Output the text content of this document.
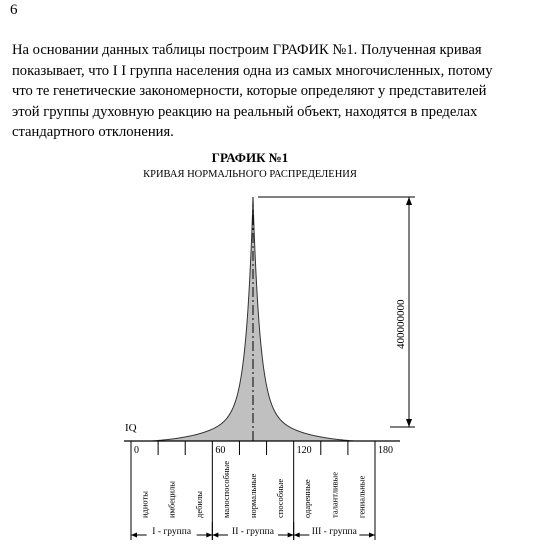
6
На основании данных таблицы построим ГРАФИК №1. Полученная кривая
показывает, что I I группа населения одна из самых многочисленных, потому
что те генетические закономерности, которые определяют у представителей
этой группы духовную реакцию на реальный объект, находятся в пределах
стандартного отклонения.
ГРАФИК №1
КРИВАЯ НОРМАЛЬНОГО РАСПРЕДЕЛЕНИЯ
IQ
400000000
0	60	120	180
идиоты имбецилы дебилы малоспособные нормальные способные одаренные талантливые гениальные
I - группа	II - группа	III - группа
